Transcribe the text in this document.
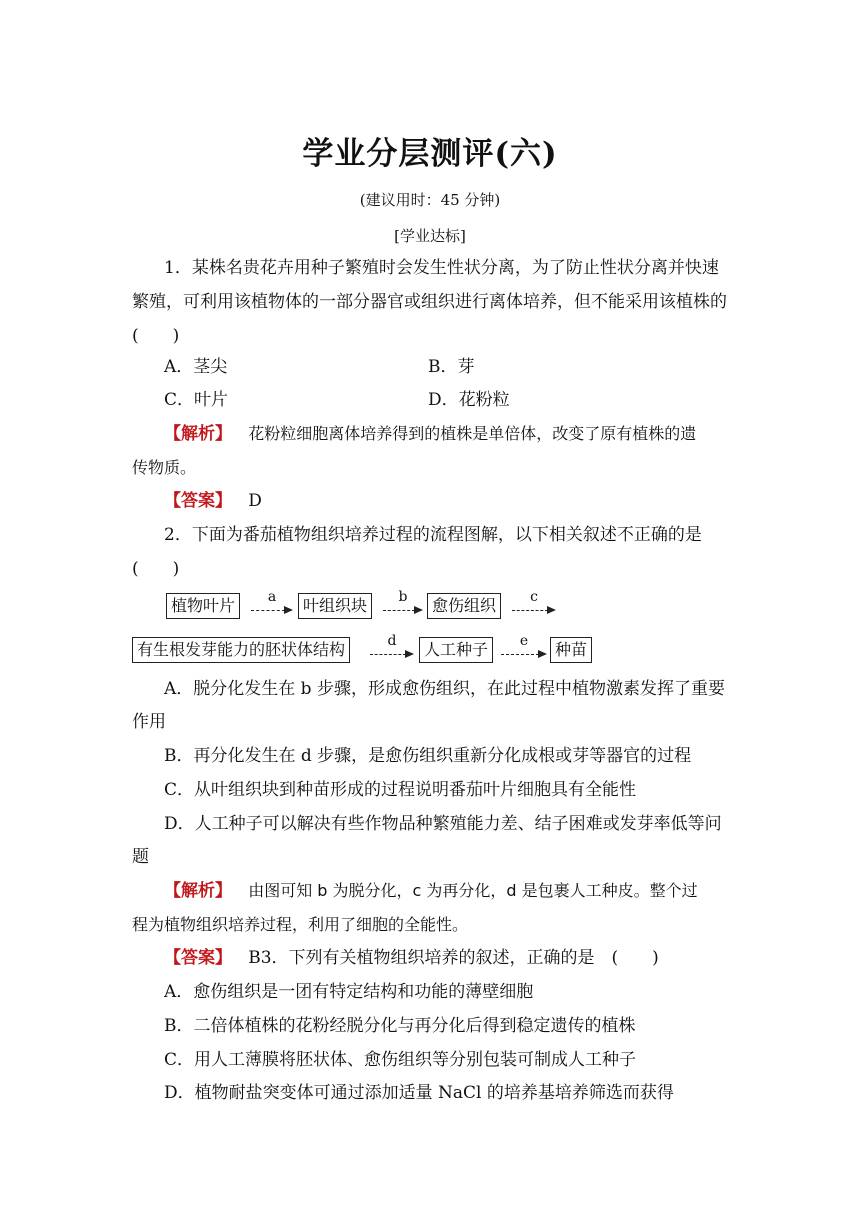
学业分层测评(六)
(建议用时：45 分钟)
[学业达标]
1．某株名贵花卉用种子繁殖时会发生性状分离，为了防止性状分离并快速
繁殖，可利用该植物体的一部分器官或组织进行离体培养，但不能采用该植株的
(　　)
A．茎尖	B．芽
C．叶片	D．花粉粒
【解析】 花粉粒细胞离体培养得到的植株是单倍体，改变了原有植株的遗
传物质。
【答案】 D
2．下面为番茄植物组织培养过程的流程图解，以下相关叙述不正确的是
(　　)
植物叶片	a	叶组织块	b	愈伤组织	c
有生根发芽能力的胚状体结构	d	人工种子	e	种苗
A．脱分化发生在 b 步骤，形成愈伤组织，在此过程中植物激素发挥了重要
作用
B．再分化发生在 d 步骤，是愈伤组织重新分化成根或芽等器官的过程
C．从叶组织块到种苗形成的过程说明番茄叶片细胞具有全能性
D．人工种子可以解决有些作物品种繁殖能力差、结子困难或发芽率低等问
题
【解析】 由图可知 b 为脱分化，c 为再分化，d 是包裹人工种皮。整个过
程为植物组织培养过程，利用了细胞的全能性。
【答案】 B3．下列有关植物组织培养的叙述，正确的是　(　　)
A．愈伤组织是一团有特定结构和功能的薄壁细胞
B．二倍体植株的花粉经脱分化与再分化后得到稳定遗传的植株
C．用人工薄膜将胚状体、愈伤组织等分别包装可制成人工种子
D．植物耐盐突变体可通过添加适量 NaCl 的培养基培养筛选而获得
